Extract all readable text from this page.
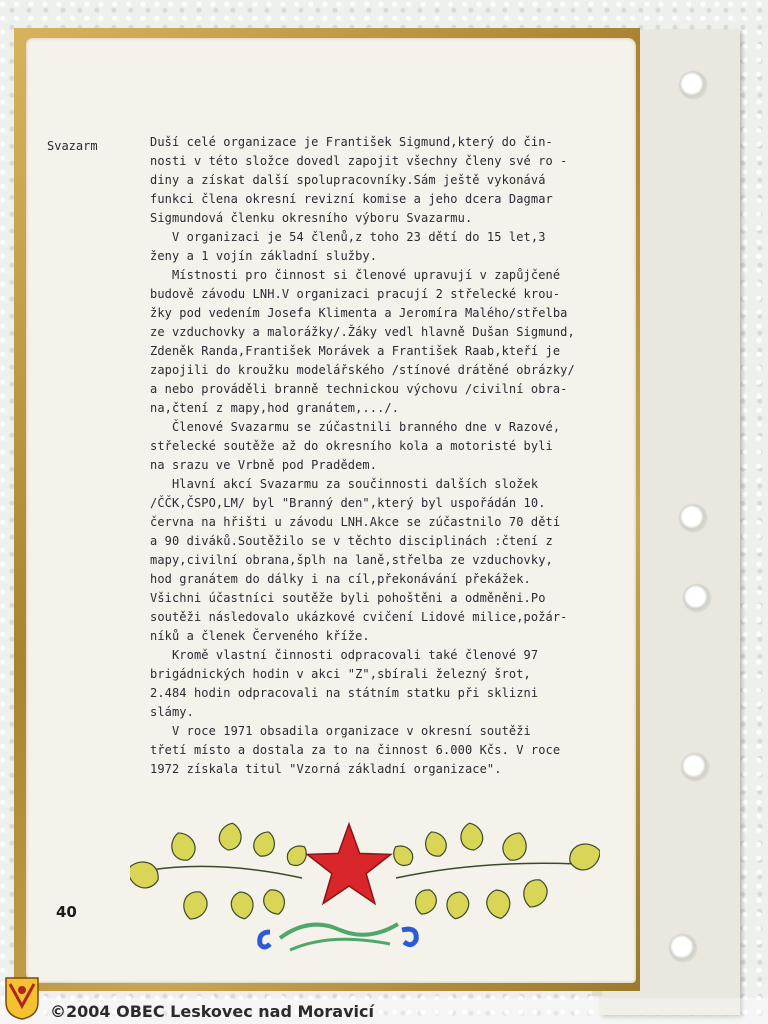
Svazarm	Duší celé organizace je František Sigmund,který do čin-

nosti v této složce dovedl zapojit všechny členy své ro -

diny a získat další spolupracovníky.Sám ještě vykonává

funkci člena okresní revizní komise a jeho dcera Dagmar

Sigmundová členku okresního výboru Svazarmu.

V organizaci je 54 členů,z toho 23 dětí do 15 let,3

ženy a 1 vojín základní služby.

Místnosti pro činnost si členové upravují v zapůjčené

budově závodu LNH.V organizaci pracují 2 střelecké krou-

žky pod vedením Josefa Klimenta a Jeromíra Malého/střelba

ze vzduchovky a malorážky/.Žáky vedl hlavně Dušan Sigmund,

Zdeněk Randa,František Morávek a František Raab,kteří je

zapojili do kroužku modelářského /stínové drátěné obrázky/

a nebo prováděli branně technickou výchovu /civilní obra-

na,čtení z mapy,hod granátem,.../.

Členové Svazarmu se zúčastnili branného dne v Razové,

střelecké soutěže až do okresního kola a motoristé byli

na srazu ve Vrbně pod Pradědem.

Hlavní akcí Svazarmu za součinnosti dalších složek

/ČČK,ČSPO,LM/ byl "Branný den",který byl uspořádán 10.

června na hřišti u závodu LNH.Akce se zúčastnilo 70 dětí

a 90 diváků.Soutěžilo se v těchto disciplinách :čtení z

mapy,civilní obrana,šplh na laně,střelba ze vzduchovky,

hod granátem do dálky i na cíl,překonávání překážek.

Všichni účastníci soutěže byli pohoštěni a odměněni.Po

soutěži následovalo ukázkové cvičení Lidové milice,požár-

níků a členek Červeného kříže.

Kromě vlastní činnosti odpracovali také členové 97

brigádnických hodin v akci "Z",sbírali železný šrot,

2.484 hodin odpracovali na státním statku při sklizni

slámy.

V roce 1971 obsadila organizace v okresní soutěži

třetí místo a dostala za to na činnost 6.000 Kčs. V roce

1972 získala titul "Vzorná základní organizace".

40
©2004 OBEC Leskovec nad Moravicí
